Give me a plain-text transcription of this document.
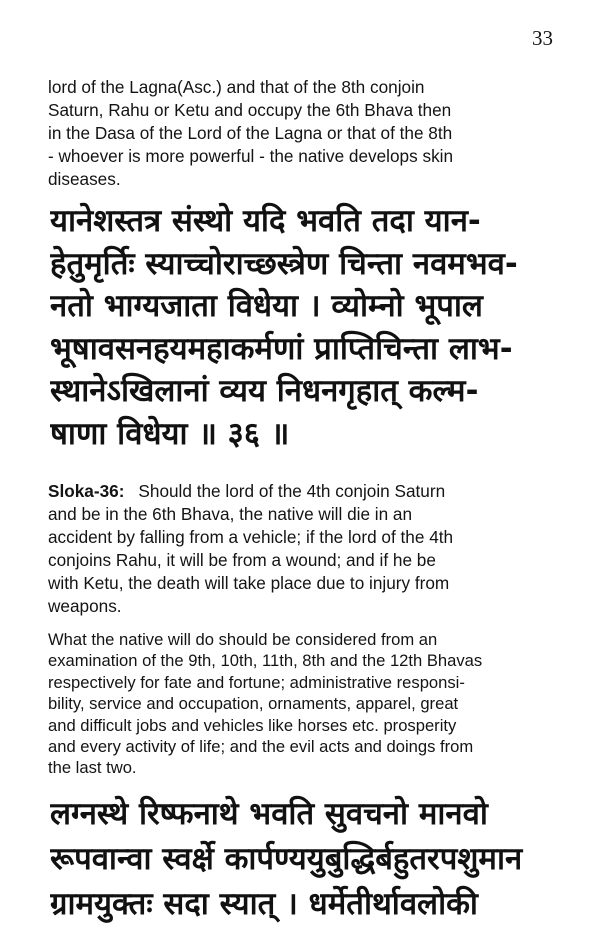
33
lord of the Lagna(Asc.) and that of the 8th conjoin
Saturn, Rahu or Ketu and occupy the 6th Bhava then
in the Dasa of the Lord of the Lagna or that of the 8th
- whoever is more powerful - the native develops skin
diseases.
यानेशस्तत्र संस्थो यदि भवति तदा यान-
हेतुमृर्तिः स्याच्चोराच्छस्त्रेण चिन्ता नवमभव-
नतो भाग्यजाता विधेया । व्योम्नो भूपाल
भूषावसनहयमहाकर्मणां प्राप्तिचिन्ता लाभ-
स्थानेऽखिलानां व्यय निधनगृहात् कल्म-
षाणा विधेया ॥ ३६ ॥
Sloka-36: Should the lord of the 4th conjoin Saturn
and be in the 6th Bhava, the native will die in an
accident by falling from a vehicle; if the lord of the 4th
conjoins Rahu, it will be from a wound; and if he be
with Ketu, the death will take place due to injury from
weapons.
What the native will do should be considered from an
examination of the 9th, 10th, 11th, 8th and the 12th Bhavas
respectively for fate and fortune; administrative responsi-
bility, service and occupation, ornaments, apparel, great
and difficult jobs and vehicles like horses etc. prosperity
and every activity of life; and the evil acts and doings from
the last two.
लग्नस्थे रिष्फनाथे भवति सुवचनो मानवो
रूपवान्वा स्वर्क्षे कार्पण्ययुबुद्धिर्बहुतरपशुमान
ग्रामयुक्तः सदा स्यात् । धर्मेतीर्थावलोकी
